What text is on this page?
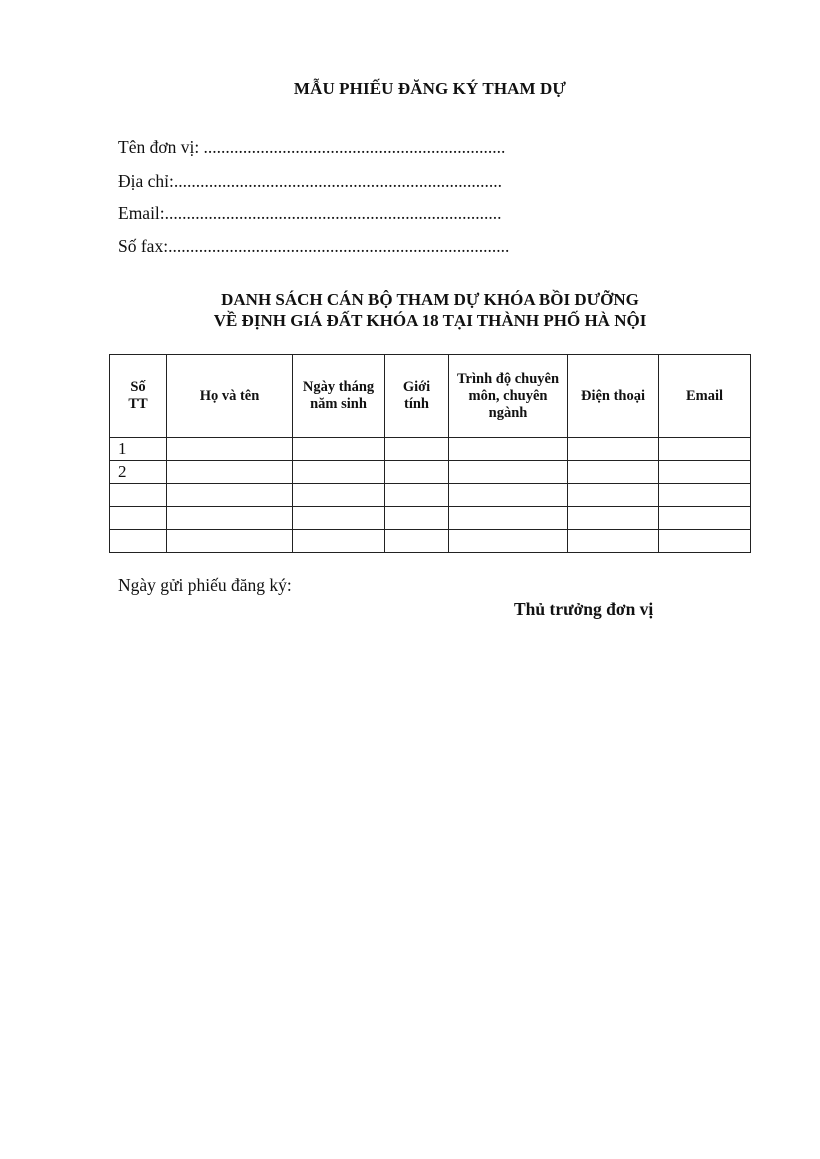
MẪU PHIẾU ĐĂNG KÝ THAM DỰ
Tên đơn vị: .....................................................................
Địa chỉ:...........................................................................
Email:.............................................................................
Số fax:..............................................................................
DANH SÁCH CÁN BỘ THAM DỰ KHÓA BỒI DƯỠNG
VỀ ĐỊNH GIÁ ĐẤT KHÓA 18 TẠI THÀNH PHỐ HÀ NỘI
Số TT	Họ và tên	Ngày tháng năm sinh	Giới tính	Trình độ chuyên môn, chuyên ngành	Điện thoại	Email
1						
2						

Ngày gửi phiếu đăng ký:
Thủ trưởng đơn vị
